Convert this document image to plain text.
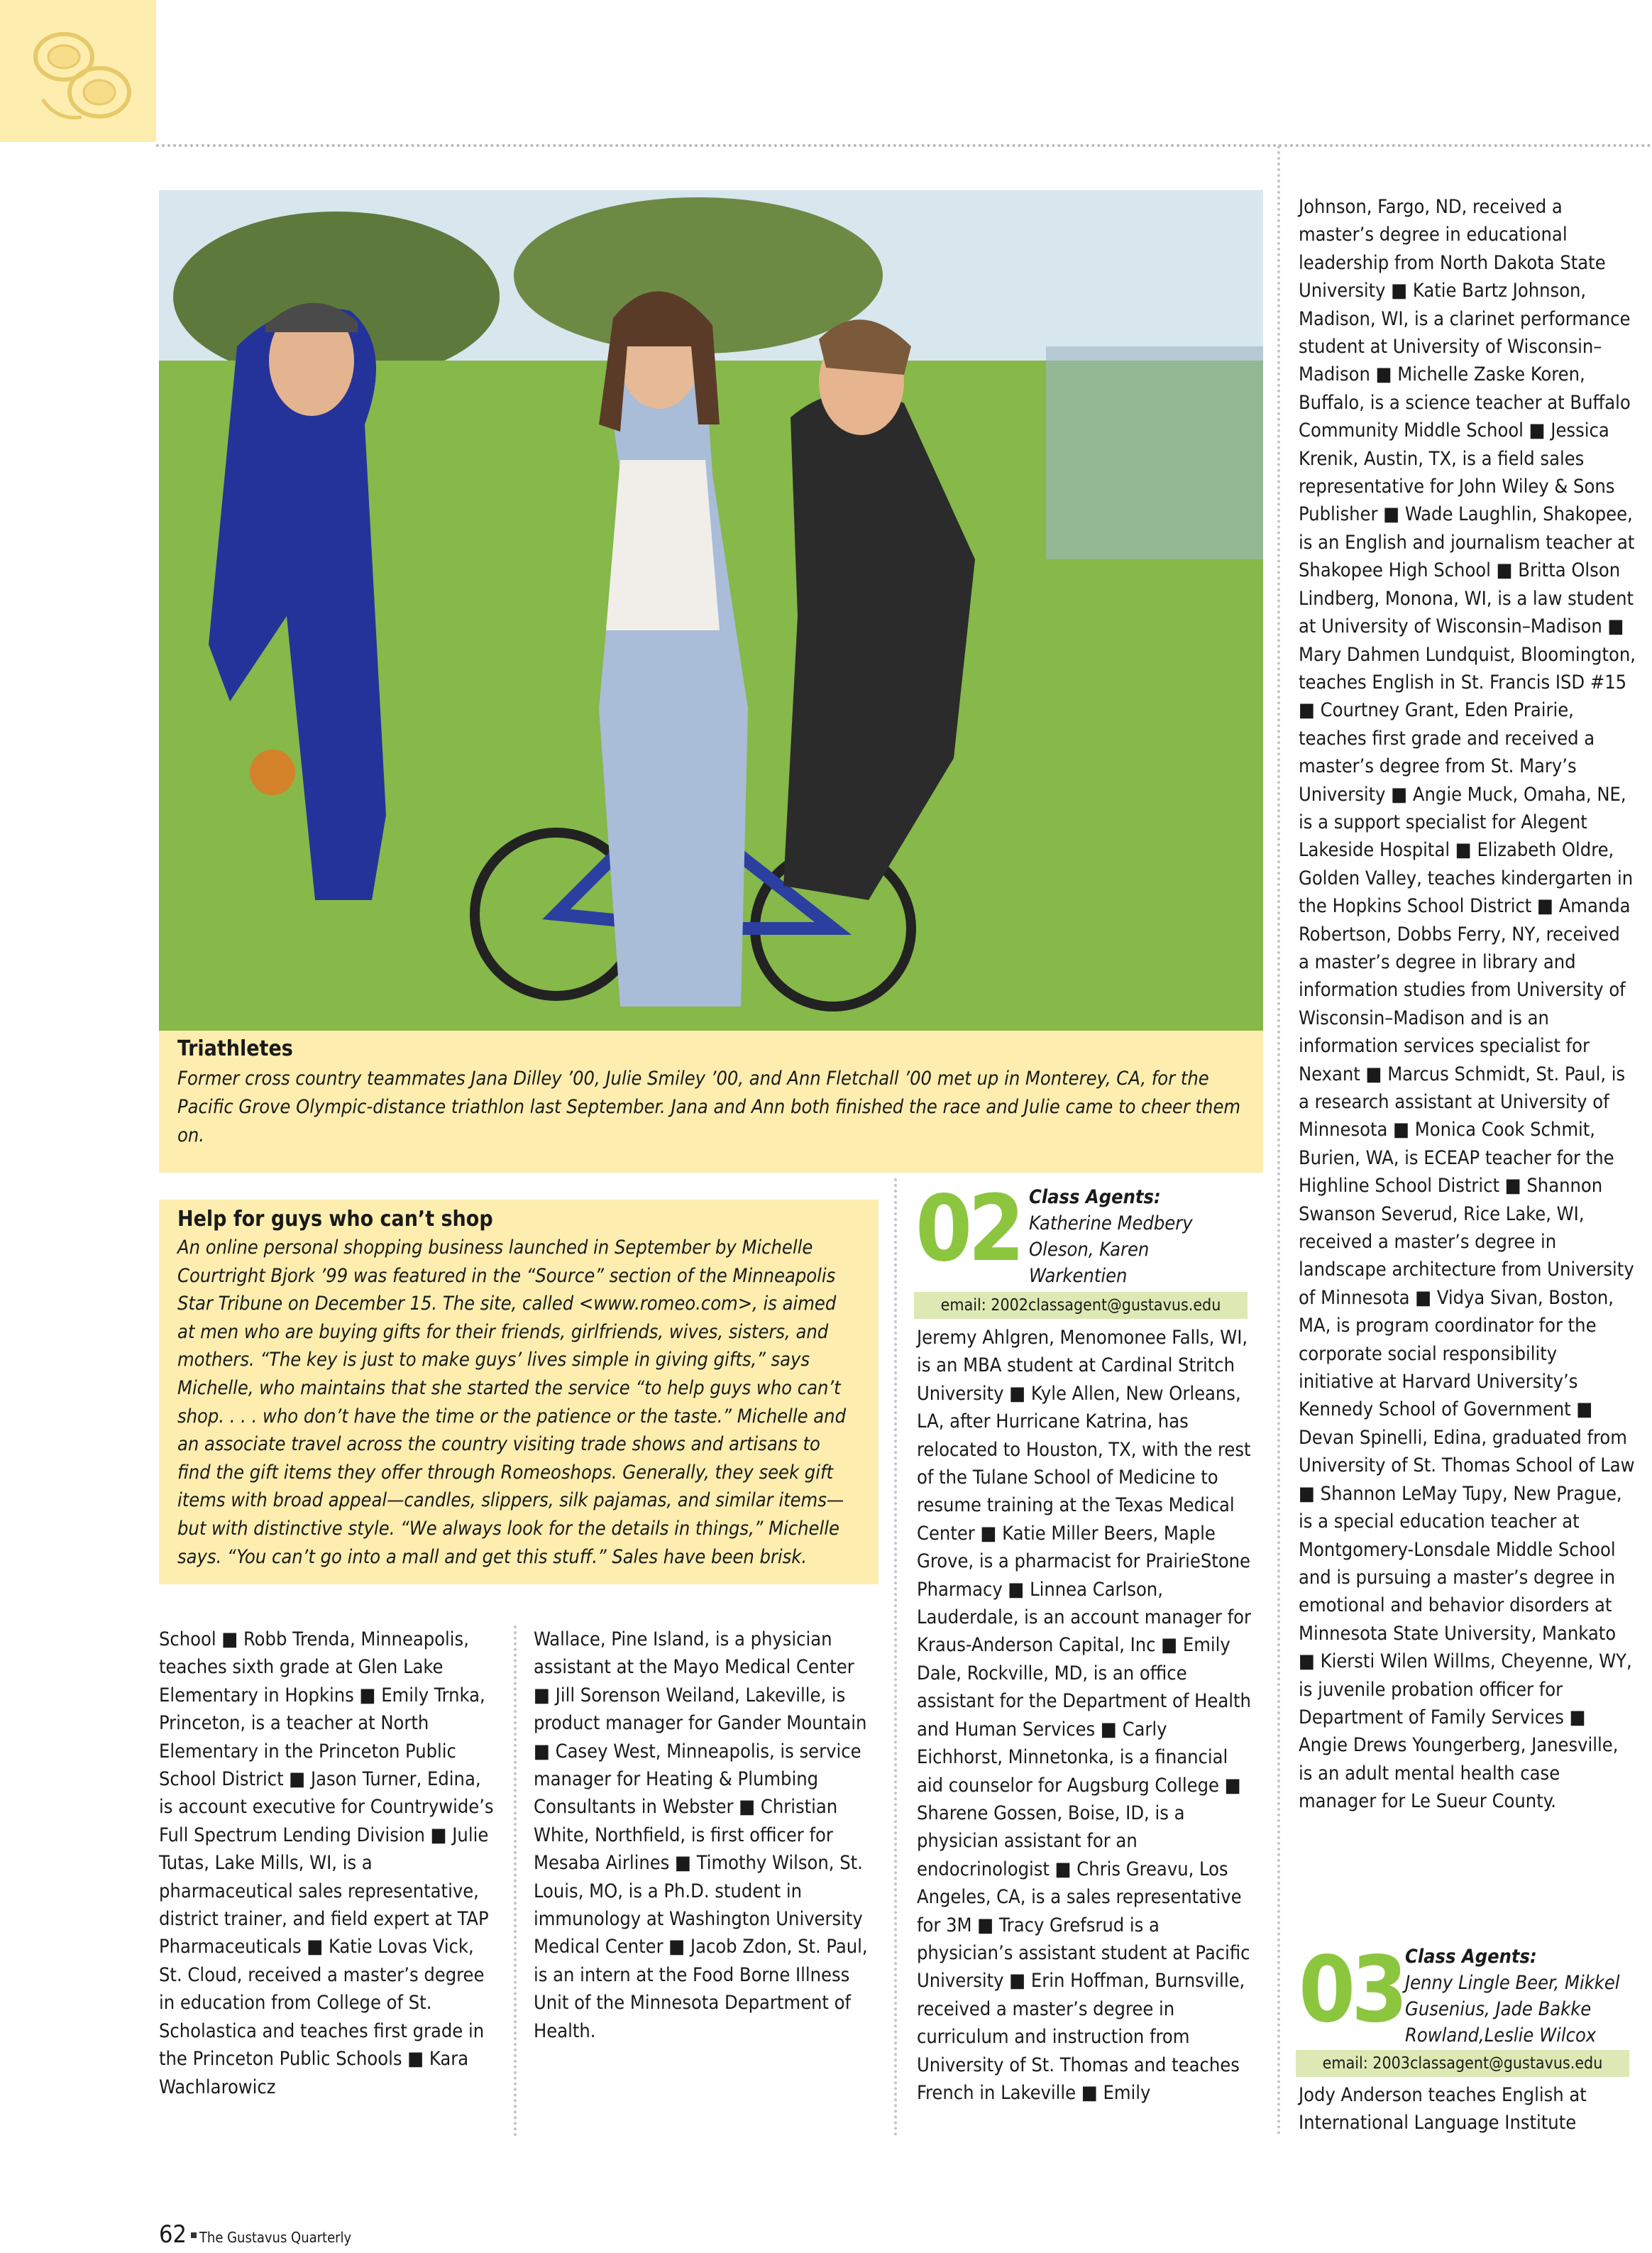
Triathletes
Former cross country teammates Jana Dilley ’00, Julie Smiley ’00, and Ann Fletchall ’00 met up in Monterey, CA, for the Pacific Grove Olympic-distance triathlon last September. Jana and Ann both finished the race and Julie came to cheer them on.
Help for guys who can’t shop
An online personal shopping business launched in September by Michelle Courtright Bjork ’99 was featured in the “Source” section of the Minneapolis Star Tribune on December 15. The site, called <www.romeo.com>, is aimed at men who are buying gifts for their friends, girlfriends, wives, sisters, and mothers. “The key is just to make guys’ lives simple in giving gifts,” says Michelle, who maintains that she started the service “to help guys who can’t shop. . . . who don’t have the time or the patience or the taste.” Michelle and an associate travel across the country visiting trade shows and artisans to find the gift items they offer through Romeoshops. Generally, they seek gift items with broad appeal—candles, slippers, silk pajamas, and similar items—but with distinctive style. “We always look for the details in things,” Michelle says. “You can’t go into a mall and get this stuff.” Sales have been brisk.
School ■ Robb Trenda, Minneapolis, teaches sixth grade at Glen Lake Elementary in Hopkins ■ Emily Trnka, Princeton, is a teacher at North Elementary in the Princeton Public School District ■ Jason Turner, Edina, is account executive for Countrywide’s Full Spectrum Lending Division ■ Julie Tutas, Lake Mills, WI, is a pharmaceutical sales representative, district trainer, and field expert at TAP Pharmaceuticals ■ Katie Lovas Vick, St. Cloud, received a master’s degree in education from College of St. Scholastica and teaches first grade in the Princeton Public Schools ■ Kara Wachlarowicz
Wallace, Pine Island, is a physician assistant at the Mayo Medical Center ■ Jill Sorenson Weiland, Lakeville, is product manager for Gander Mountain ■ Casey West, Minneapolis, is service manager for Heating & Plumbing Consultants in Webster ■ Christian White, Northfield, is first officer for Mesaba Airlines ■ Timothy Wilson, St. Louis, MO, is a Ph.D. student in immunology at Washington University Medical Center ■ Jacob Zdon, St. Paul, is an intern at the Food Borne Illness Unit of the Minnesota Department of Health.
02 Class Agents:
Katherine Medbery Oleson, Karen Warkentien
email: 2002classagent@gustavus.edu
Jeremy Ahlgren, Menomonee Falls, WI, is an MBA student at Cardinal Stritch University ■ Kyle Allen, New Orleans, LA, after Hurricane Katrina, has relocated to Houston, TX, with the rest of the Tulane School of Medicine to resume training at the Texas Medical Center ■ Katie Miller Beers, Maple Grove, is a pharmacist for PrairieStone Pharmacy ■ Linnea Carlson, Lauderdale, is an account manager for Kraus-Anderson Capital, Inc ■ Emily Dale, Rockville, MD, is an office assistant for the Department of Health and Human Services ■ Carly Eichhorst, Minnetonka, is a financial aid counselor for Augsburg College ■ Sharene Gossen, Boise, ID, is a physician assistant for an endocrinologist ■ Chris Greavu, Los Angeles, CA, is a sales representative for 3M ■ Tracy Grefsrud is a physician’s assistant student at Pacific University ■ Erin Hoffman, Burnsville, received a master’s degree in curriculum and instruction from University of St. Thomas and teaches French in Lakeville ■ Emily
Johnson, Fargo, ND, received a master’s degree in educational leadership from North Dakota State University ■ Katie Bartz Johnson, Madison, WI, is a clarinet performance student at University of Wisconsin–Madison ■ Michelle Zaske Koren, Buffalo, is a science teacher at Buffalo Community Middle School ■ Jessica Krenik, Austin, TX, is a field sales representative for John Wiley & Sons Publisher ■ Wade Laughlin, Shakopee, is an English and journalism teacher at Shakopee High School ■ Britta Olson Lindberg, Monona, WI, is a law student at University of Wisconsin–Madison ■ Mary Dahmen Lundquist, Bloomington, teaches English in St. Francis ISD #15 ■ Courtney Grant, Eden Prairie, teaches first grade and received a master’s degree from St. Mary’s University ■ Angie Muck, Omaha, NE, is a support specialist for Alegent Lakeside Hospital ■ Elizabeth Oldre, Golden Valley, teaches kindergarten in the Hopkins School District ■ Amanda Robertson, Dobbs Ferry, NY, received a master’s degree in library and information studies from University of Wisconsin–Madison and is an information services specialist for Nexant ■ Marcus Schmidt, St. Paul, is a research assistant at University of Minnesota ■ Monica Cook Schmit, Burien, WA, is ECEAP teacher for the Highline School District ■ Shannon Swanson Severud, Rice Lake, WI, received a master’s degree in landscape architecture from University of Minnesota ■ Vidya Sivan, Boston, MA, is program coordinator for the corporate social responsibility initiative at Harvard University’s Kennedy School of Government ■ Devan Spinelli, Edina, graduated from University of St. Thomas School of Law ■ Shannon LeMay Tupy, New Prague, is a special education teacher at Montgomery-Lonsdale Middle School and is pursuing a master’s degree in emotional and behavior disorders at Minnesota State University, Mankato ■ Kiersti Wilen Willms, Cheyenne, WY, is juvenile probation officer for Department of Family Services ■ Angie Drews Youngerberg, Janesville, is an adult mental health case manager for Le Sueur County.
03 Class Agents:
Jenny Lingle Beer, Mikkel Gusenius, Jade Bakke Rowland,Leslie Wilcox
email: 2003classagent@gustavus.edu
Jody Anderson teaches English at International Language Institute
62 The Gustavus Quarterly
